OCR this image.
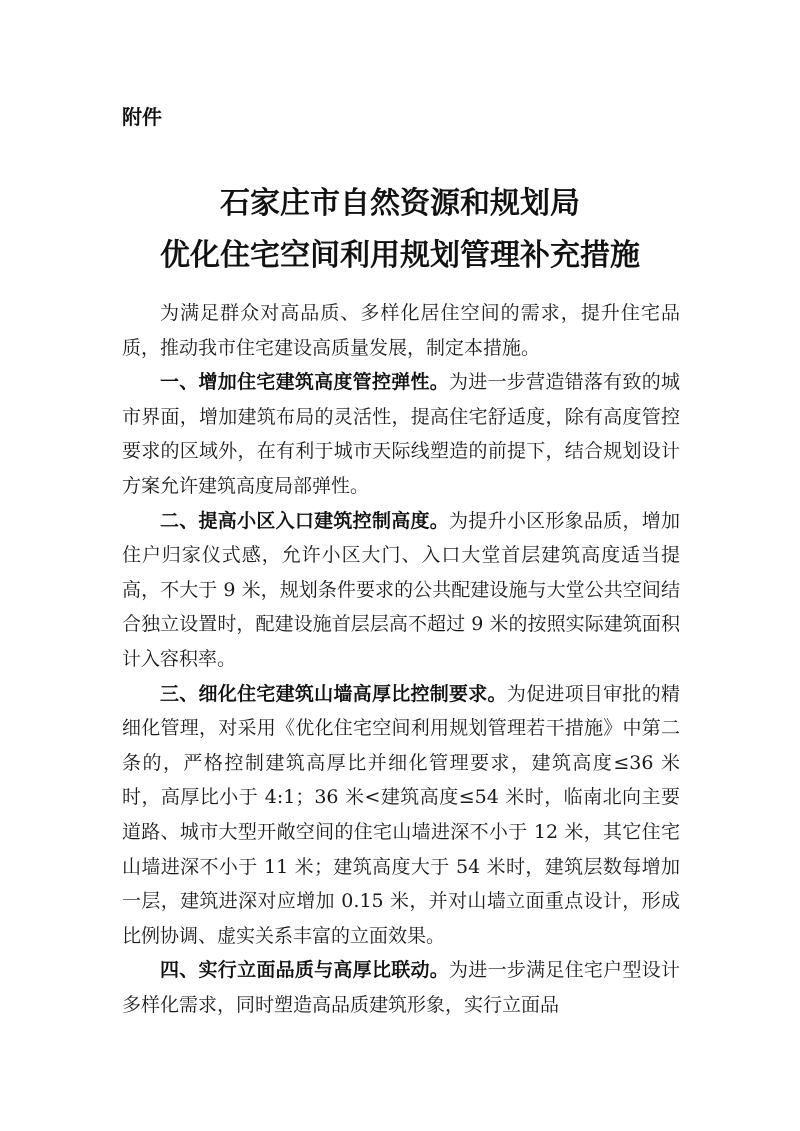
附件

石家庄市自然资源和规划局
优化住宅空间利用规划管理补充措施

为满足群众对高品质、多样化居住空间的需求，提升住宅品质，推动我市住宅建设高质量发展，制定本措施。

一、增加住宅建筑高度管控弹性。为进一步营造错落有致的城市界面，增加建筑布局的灵活性，提高住宅舒适度，除有高度管控要求的区域外，在有利于城市天际线塑造的前提下，结合规划设计方案允许建筑高度局部弹性。

二、提高小区入口建筑控制高度。为提升小区形象品质，增加住户归家仪式感，允许小区大门、入口大堂首层建筑高度适当提高，不大于 9 米，规划条件要求的公共配建设施与大堂公共空间结合独立设置时，配建设施首层层高不超过 9 米的按照实际建筑面积计入容积率。

三、细化住宅建筑山墙高厚比控制要求。为促进项目审批的精细化管理，对采用《优化住宅空间利用规划管理若干措施》中第二条的，严格控制建筑高厚比并细化管理要求，建筑高度≤36 米时，高厚比小于 4:1；36 米<建筑高度≤54 米时，临南北向主要道路、城市大型开敞空间的住宅山墙进深不小于 12 米，其它住宅山墙进深不小于 11 米；建筑高度大于 54 米时，建筑层数每增加一层，建筑进深对应增加 0.15 米，并对山墙立面重点设计，形成比例协调、虚实关系丰富的立面效果。

四、实行立面品质与高厚比联动。为进一步满足住宅户型设计多样化需求，同时塑造高品质建筑形象，实行立面品
